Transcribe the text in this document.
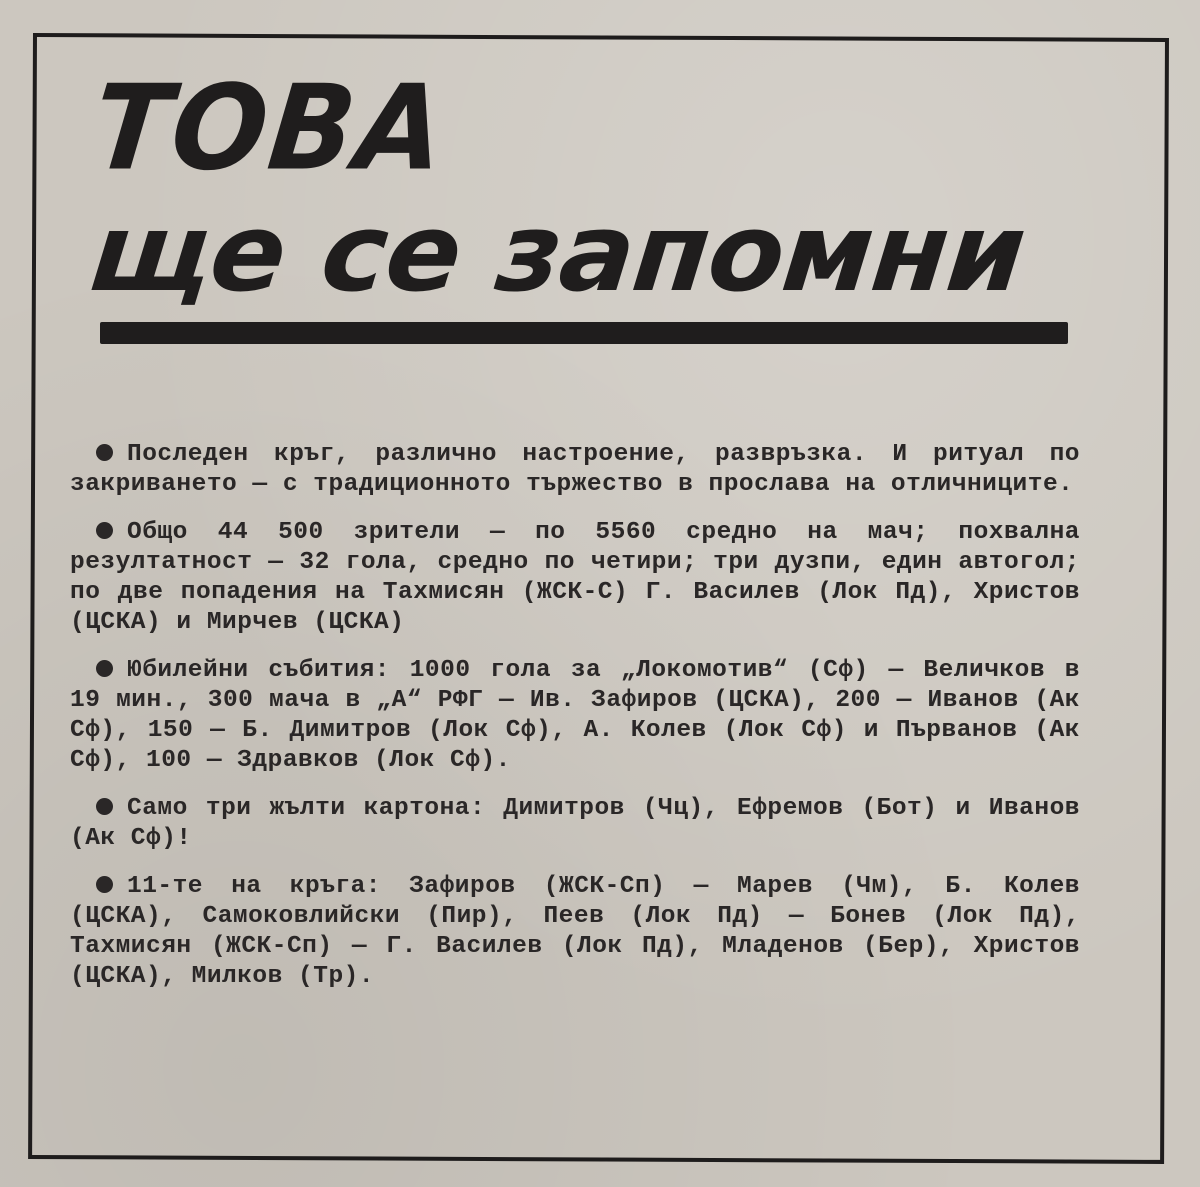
ТОВА
ще се запомни

Последен кръг, различно настроение, развръзка. И ритуал по закриването — с традиционното тържество в прослава на отличниците.

Общо 44 500 зрители — по 5560 средно на мач; похвална резултатност — 32 гола, средно по четири; три дузпи, един автогол; по две попадения на Тахмисян (ЖСК-С) Г. Василев (Лок Пд), Христов (ЦСКА) и Мирчев (ЦСКА)

Юбилейни събития: 1000 гола за „Локомотив“ (Сф) — Величков в 19 мин., 300 мача в „А“ РФГ — Ив. Зафиров (ЦСКА), 200 — Иванов (Ак Сф), 150 — Б. Димитров (Лок Сф), А. Колев (Лок Сф) и Първанов (Ак Сф), 100 — Здравков (Лок Сф).

Само три жълти картона: Димитров (Чц), Ефремов (Бот) и Иванов (Ак Сф)!

11-те на кръга: Зафиров (ЖСК-Сп) — Марев (Чм), Б. Колев (ЦСКА), Самоковлийски (Пир), Пеев (Лок Пд) — Бонев (Лок Пд), Тахмисян (ЖСК-Сп) — Г. Василев (Лок Пд), Младенов (Бер), Христов (ЦСКА), Милков (Тр).
